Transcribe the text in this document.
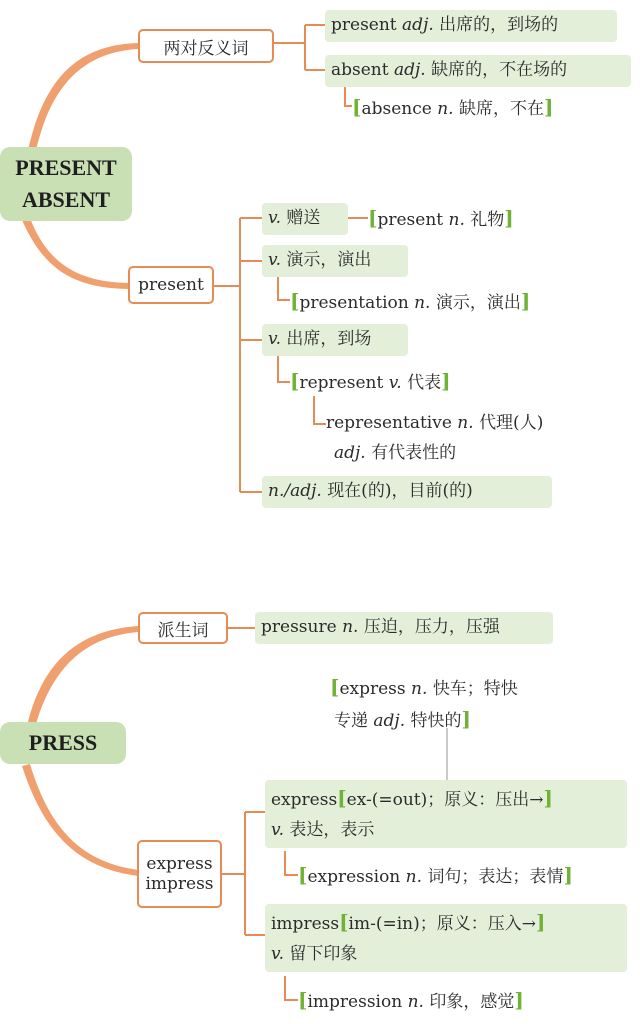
PRESENT
ABSENT
两对反义词
present adj. 出席的，到场的
absent adj. 缺席的，不在场的
[absence n. 缺席，不在]
present
v. 赠送	[present n. 礼物]
v. 演示，演出
[presentation n. 演示，演出]
v. 出席，到场
[represent v. 代表]
representative n. 代理(人)
adj. 有代表性的
n./adj. 现在(的)，目前(的)
PRESS
派生词	pressure n. 压迫，压力，压强
[express n. 快车；特快
专递 adj. 特快的]
express
impress
express[ex-(=out)；原义：压出→]
v. 表达，表示
[expression n. 词句；表达；表情]
impress[im-(=in)；原义：压入→]
v. 留下印象
[impression n. 印象，感觉]
